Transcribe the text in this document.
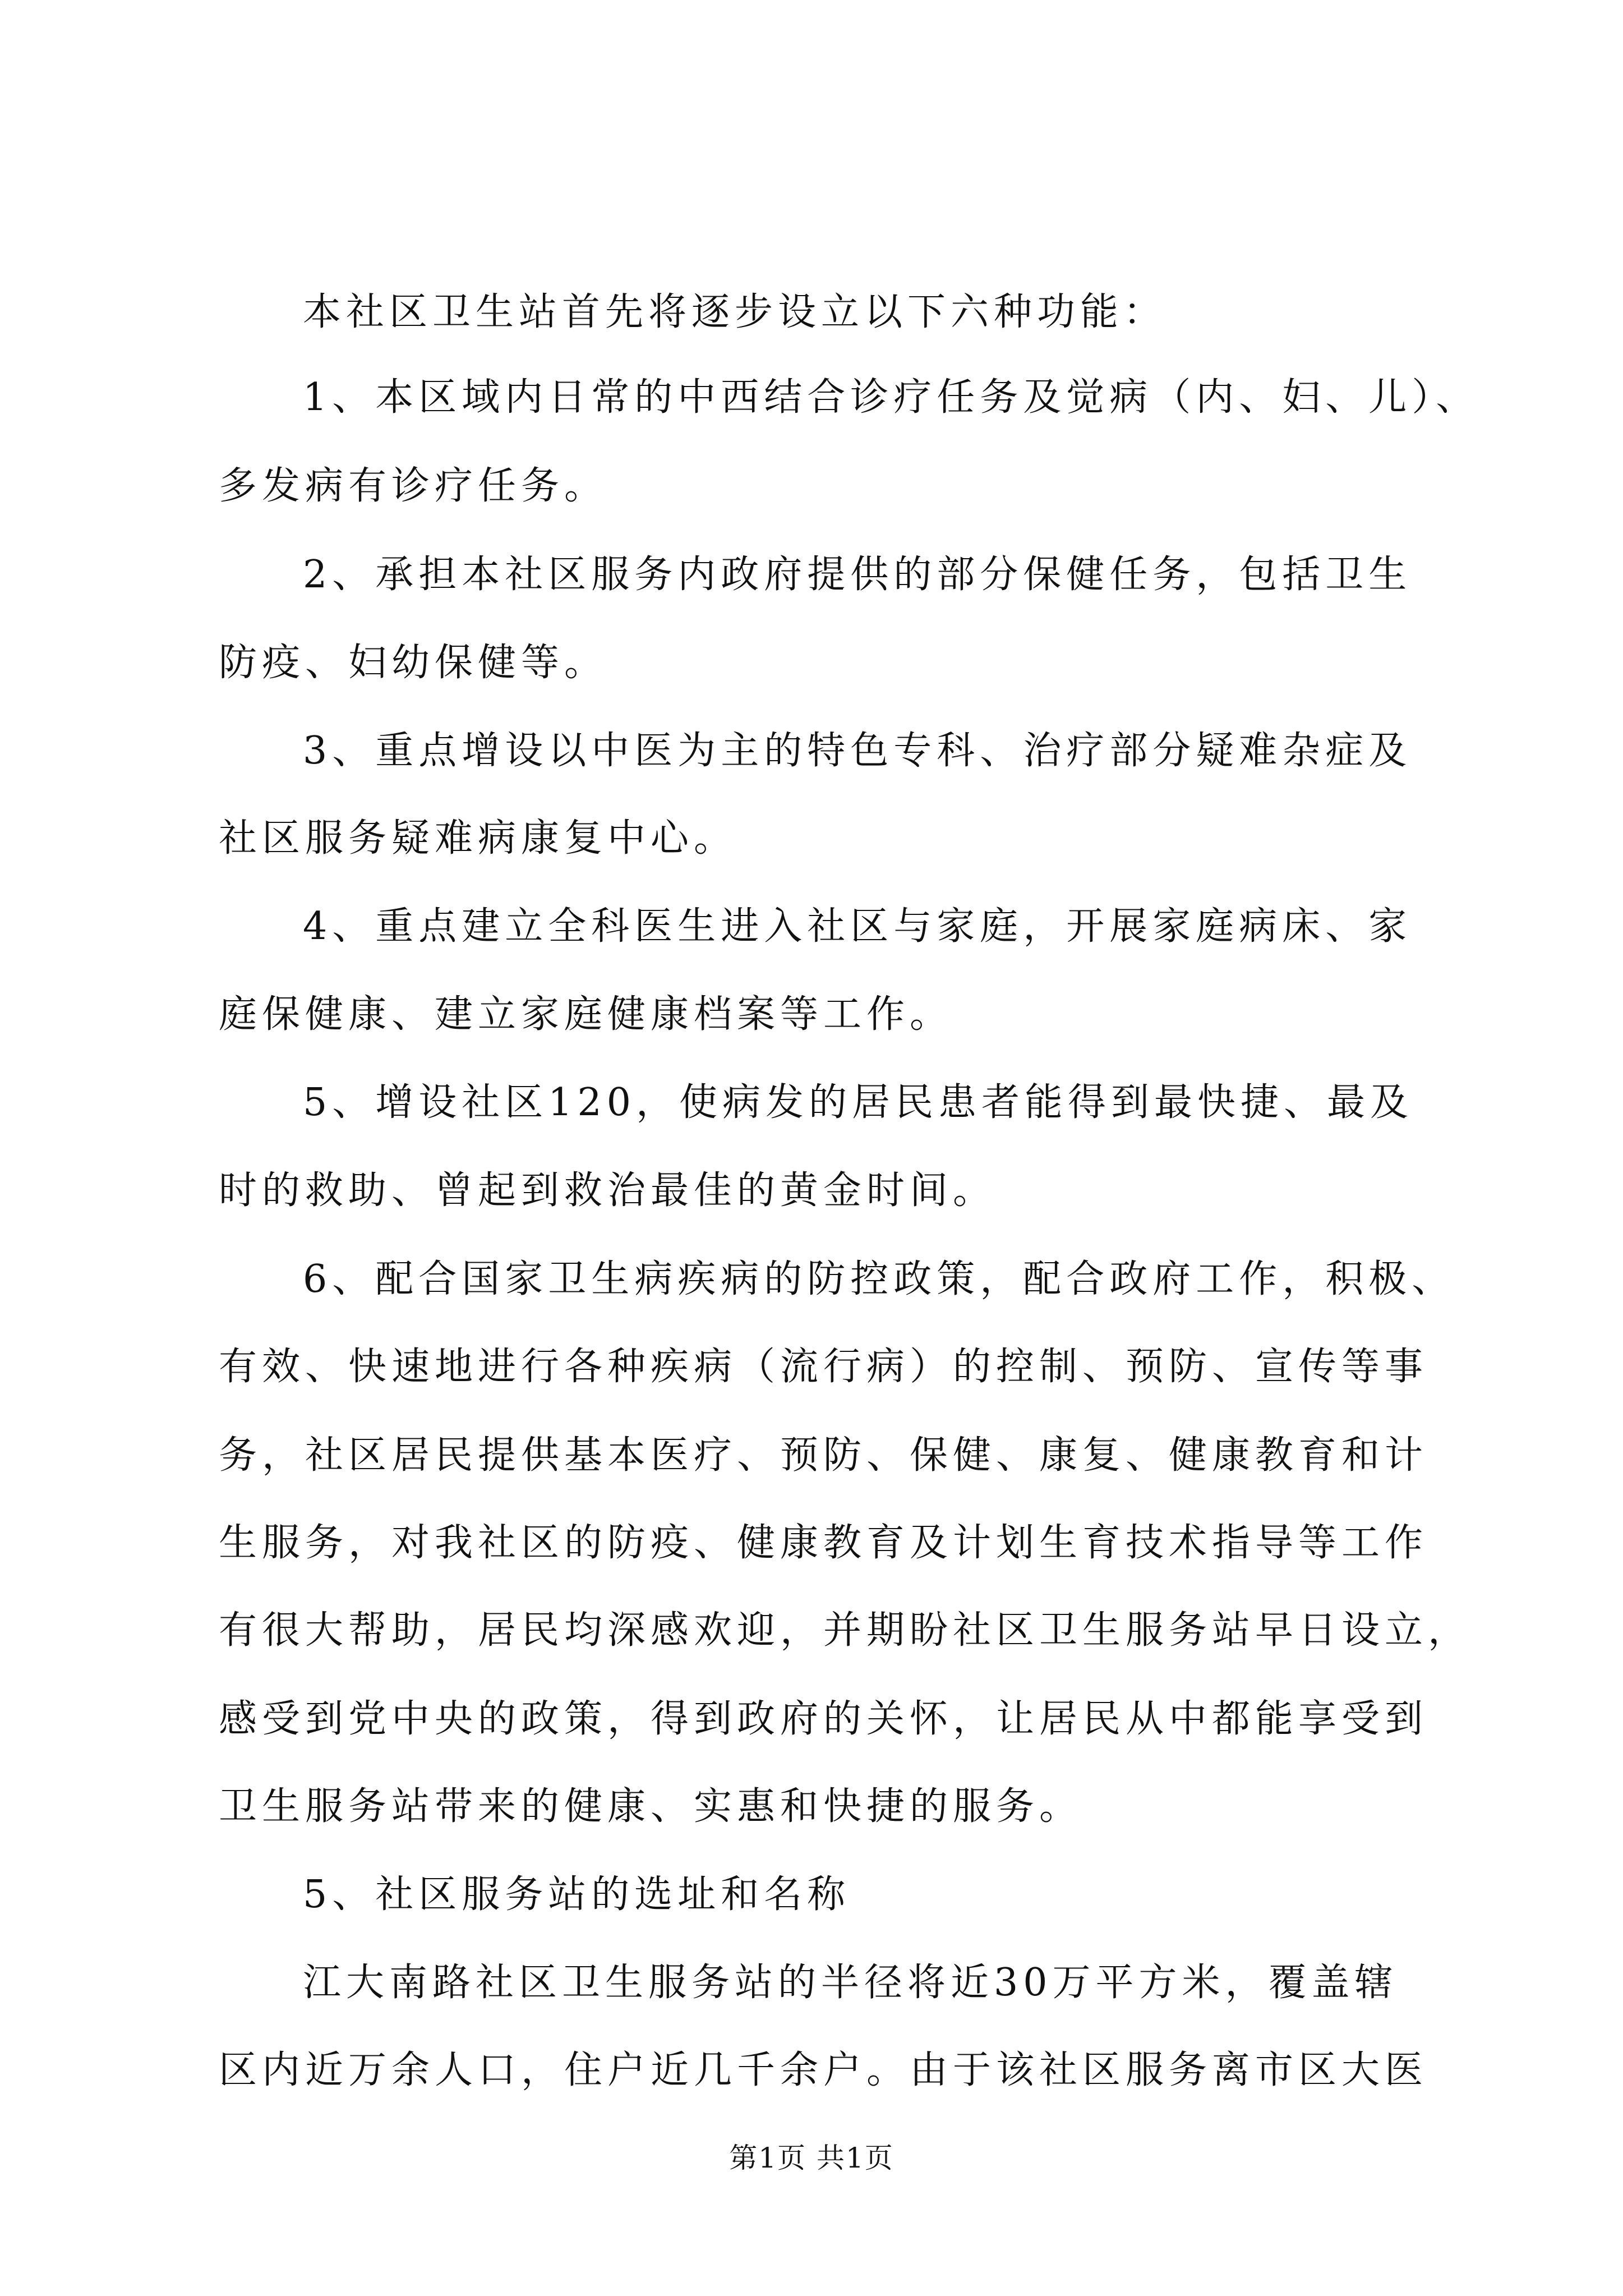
本社区卫生站首先将逐步设立以下六种功能：
1、本区域内日常的中西结合诊疗任务及觉病（内、妇、儿）、
多发病有诊疗任务。
2、承担本社区服务内政府提供的部分保健任务，包括卫生
防疫、妇幼保健等。
3、重点增设以中医为主的特色专科、治疗部分疑难杂症及
社区服务疑难病康复中心。
4、重点建立全科医生进入社区与家庭，开展家庭病床、家
庭保健康、建立家庭健康档案等工作。
5、增设社区120，使病发的居民患者能得到最快捷、最及
时的救助、曾起到救治最佳的黄金时间。
6、配合国家卫生病疾病的防控政策，配合政府工作，积极、
有效、快速地进行各种疾病（流行病）的控制、预防、宣传等事
务，社区居民提供基本医疗、预防、保健、康复、健康教育和计
生服务，对我社区的防疫、健康教育及计划生育技术指导等工作
有很大帮助，居民均深感欢迎，并期盼社区卫生服务站早日设立，
感受到党中央的政策，得到政府的关怀，让居民从中都能享受到
卫生服务站带来的健康、实惠和快捷的服务。
5、社区服务站的选址和名称
江大南路社区卫生服务站的半径将近30万平方米，覆盖辖
区内近万余人口，住户近几千余户。由于该社区服务离市区大医
第1页 共1页
